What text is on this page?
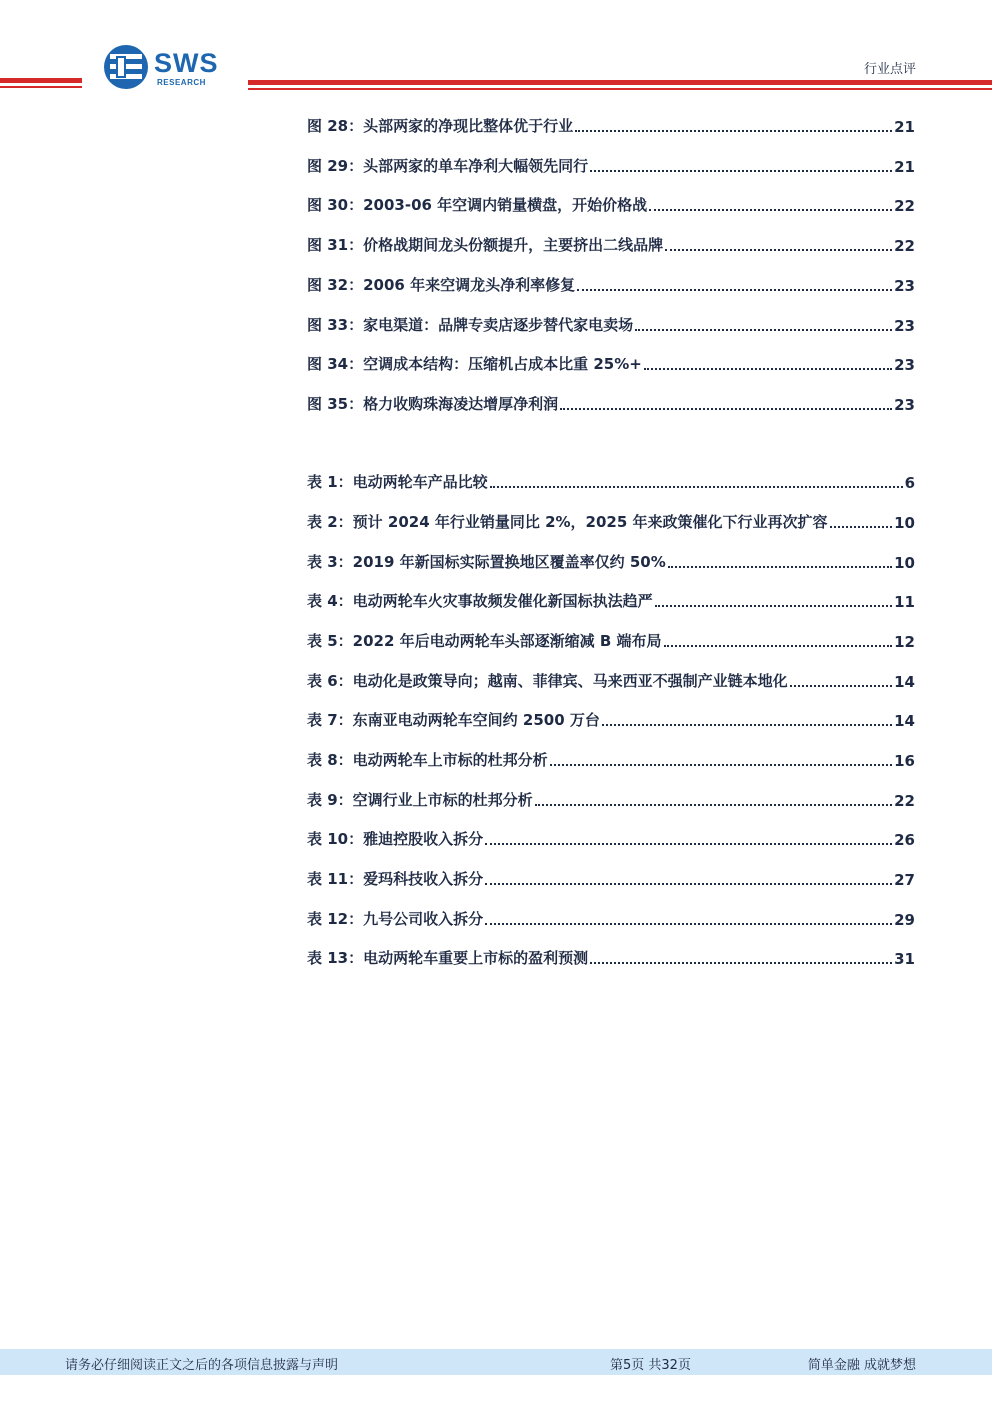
SWS
RESEARCH
行业点评
图 28：头部两家的净现比整体优于行业	21
图 29：头部两家的单车净利大幅领先同行	21
图 30：2003-06 年空调内销量横盘，开始价格战	22
图 31：价格战期间龙头份额提升，主要挤出二线品牌	22
图 32：2006 年来空调龙头净利率修复	23
图 33：家电渠道：品牌专卖店逐步替代家电卖场	23
图 34：空调成本结构：压缩机占成本比重 25%+	23
图 35：格力收购珠海凌达增厚净利润	23
表 1：电动两轮车产品比较	6
表 2：预计 2024 年行业销量同比 2%，2025 年来政策催化下行业再次扩容	10
表 3：2019 年新国标实际置换地区覆盖率仅约 50%	10
表 4：电动两轮车火灾事故频发催化新国标执法趋严	11
表 5：2022 年后电动两轮车头部逐渐缩减 B 端布局	12
表 6：电动化是政策导向；越南、菲律宾、马来西亚不强制产业链本地化	14
表 7：东南亚电动两轮车空间约 2500 万台	14
表 8：电动两轮车上市标的杜邦分析	16
表 9：空调行业上市标的杜邦分析	22
表 10：雅迪控股收入拆分	26
表 11：爱玛科技收入拆分	27
表 12：九号公司收入拆分	29
表 13：电动两轮车重要上市标的盈利预测	31
请务必仔细阅读正文之后的各项信息披露与声明	第5页 共32页	简单金融 成就梦想
